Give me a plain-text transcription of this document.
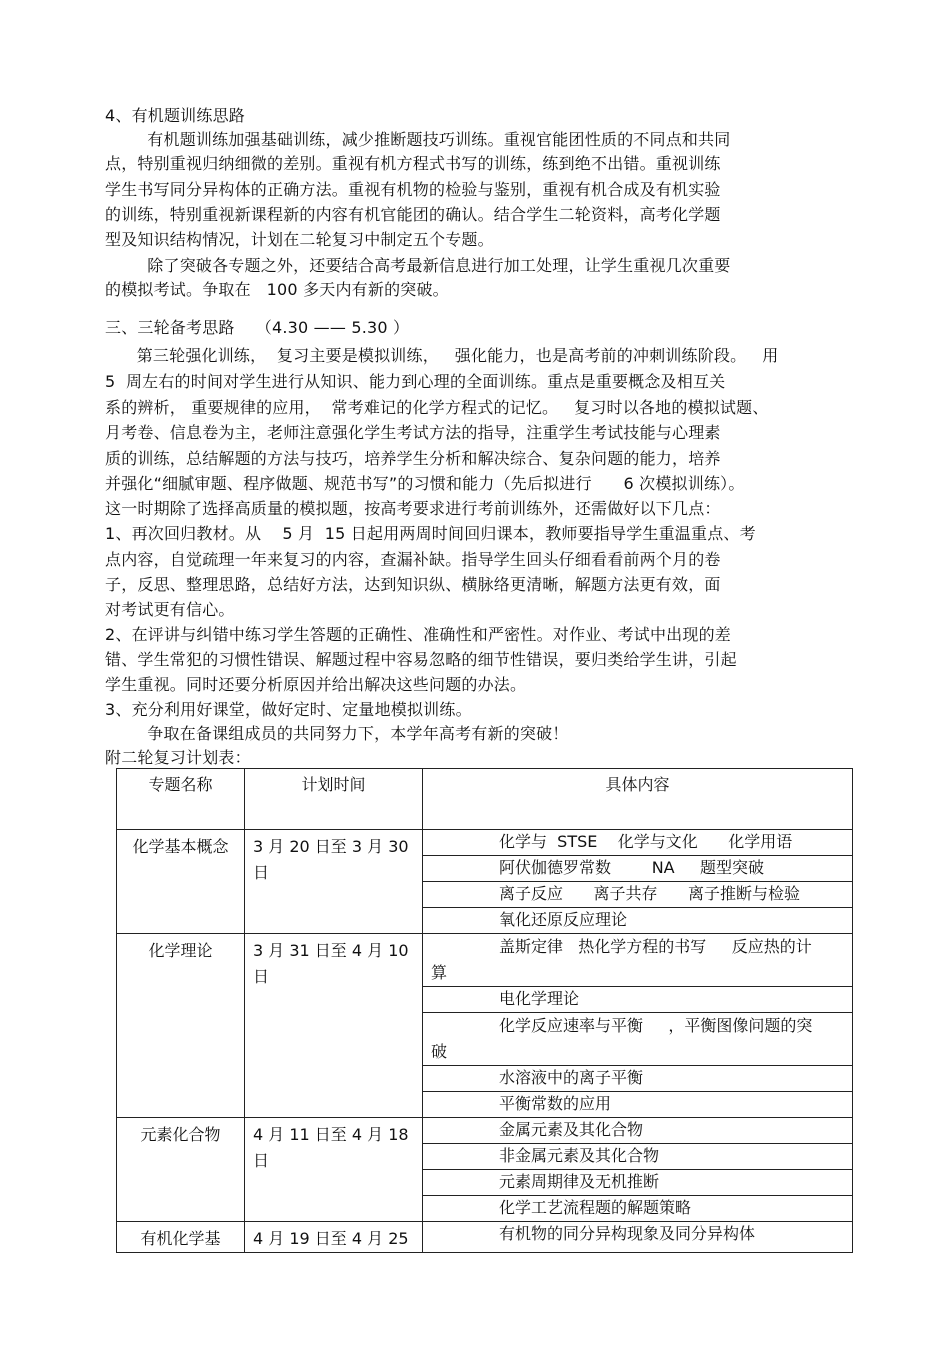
4、有机题训练思路
有机题训练加强基础训练，减少推断题技巧训练。重视官能团性质的不同点和共同
点，特别重视归纳细微的差别。重视有机方程式书写的训练，练到绝不出错。重视训练
学生书写同分异构体的正确方法。重视有机物的检验与鉴别，重视有机合成及有机实验
的训练，特别重视新课程新的内容有机官能团的确认。结合学生二轮资料，高考化学题
型及知识结构情况，计划在二轮复习中制定五个专题。
除了突破各专题之外，还要结合高考最新信息进行加工处理，让学生重视几次重要
的模拟考试。争取在   100 多天内有新的突破。
三、三轮备考思路    （4.30 —— 5.30 ）
第三轮强化训练，  复习主要是模拟训练，   强化能力，也是高考前的冲刺训练阶段。   用
5  周左右的时间对学生进行从知识、能力到心理的全面训练。重点是重要概念及相互关
系的辨析， 重要规律的应用，  常考难记的化学方程式的记忆。   复习时以各地的模拟试题、
月考卷、信息卷为主，老师注意强化学生考试方法的指导，注重学生考试技能与心理素
质的训练，总结解题的方法与技巧，培养学生分析和解决综合、复杂问题的能力，培养
并强化“细腻审题、程序做题、规范书写”的习惯和能力（先后拟进行      6 次模拟训练）。
这一时期除了选择高质量的模拟题，按高考要求进行考前训练外，还需做好以下几点：
1、再次回归教材。从    5 月  15 日起用两周时间回归课本，教师要指导学生重温重点、考
点内容，自觉疏理一年来复习的内容，查漏补缺。指导学生回头仔细看看前两个月的卷
子，反思、整理思路，总结好方法，达到知识纵、横脉络更清晰，解题方法更有效，面
对考试更有信心。
2、在评讲与纠错中练习学生答题的正确性、准确性和严密性。对作业、考试中出现的差
错、学生常犯的习惯性错误、解题过程中容易忽略的细节性错误，要归类给学生讲，引起
学生重视。同时还要分析原因并给出解决这些问题的办法。
3、充分利用好课堂，做好定时、定量地模拟训练。
争取在备课组成员的共同努力下，本学年高考有新的突破！
附二轮复习计划表：
专题名称	计划时间	具体内容
化学基本概念	3 月 20 日至 3 月 30 日	化学与  STSE    化学与文化      化学用语

		阿伏伽德罗常数        NA     题型突破

		离子反应      离子共存      离子推断与检验

		氧化还原反应理论

化学理论	3 月 31 日至 4 月 10 日	盖斯定律   热化学方程的书写     反应热的计
算

		电化学理论

		化学反应速率与平衡     ，平衡图像问题的突
破

		水溶液中的离子平衡

		平衡常数的应用

元素化合物	4 月 11 日至 4 月 18 日	金属元素及其化合物

		非金属元素及其化合物

		元素周期律及无机推断

		化学工艺流程题的解题策略

有机化学基	4 月 19 日至 4 月 25	有机物的同分异构现象及同分异构体
